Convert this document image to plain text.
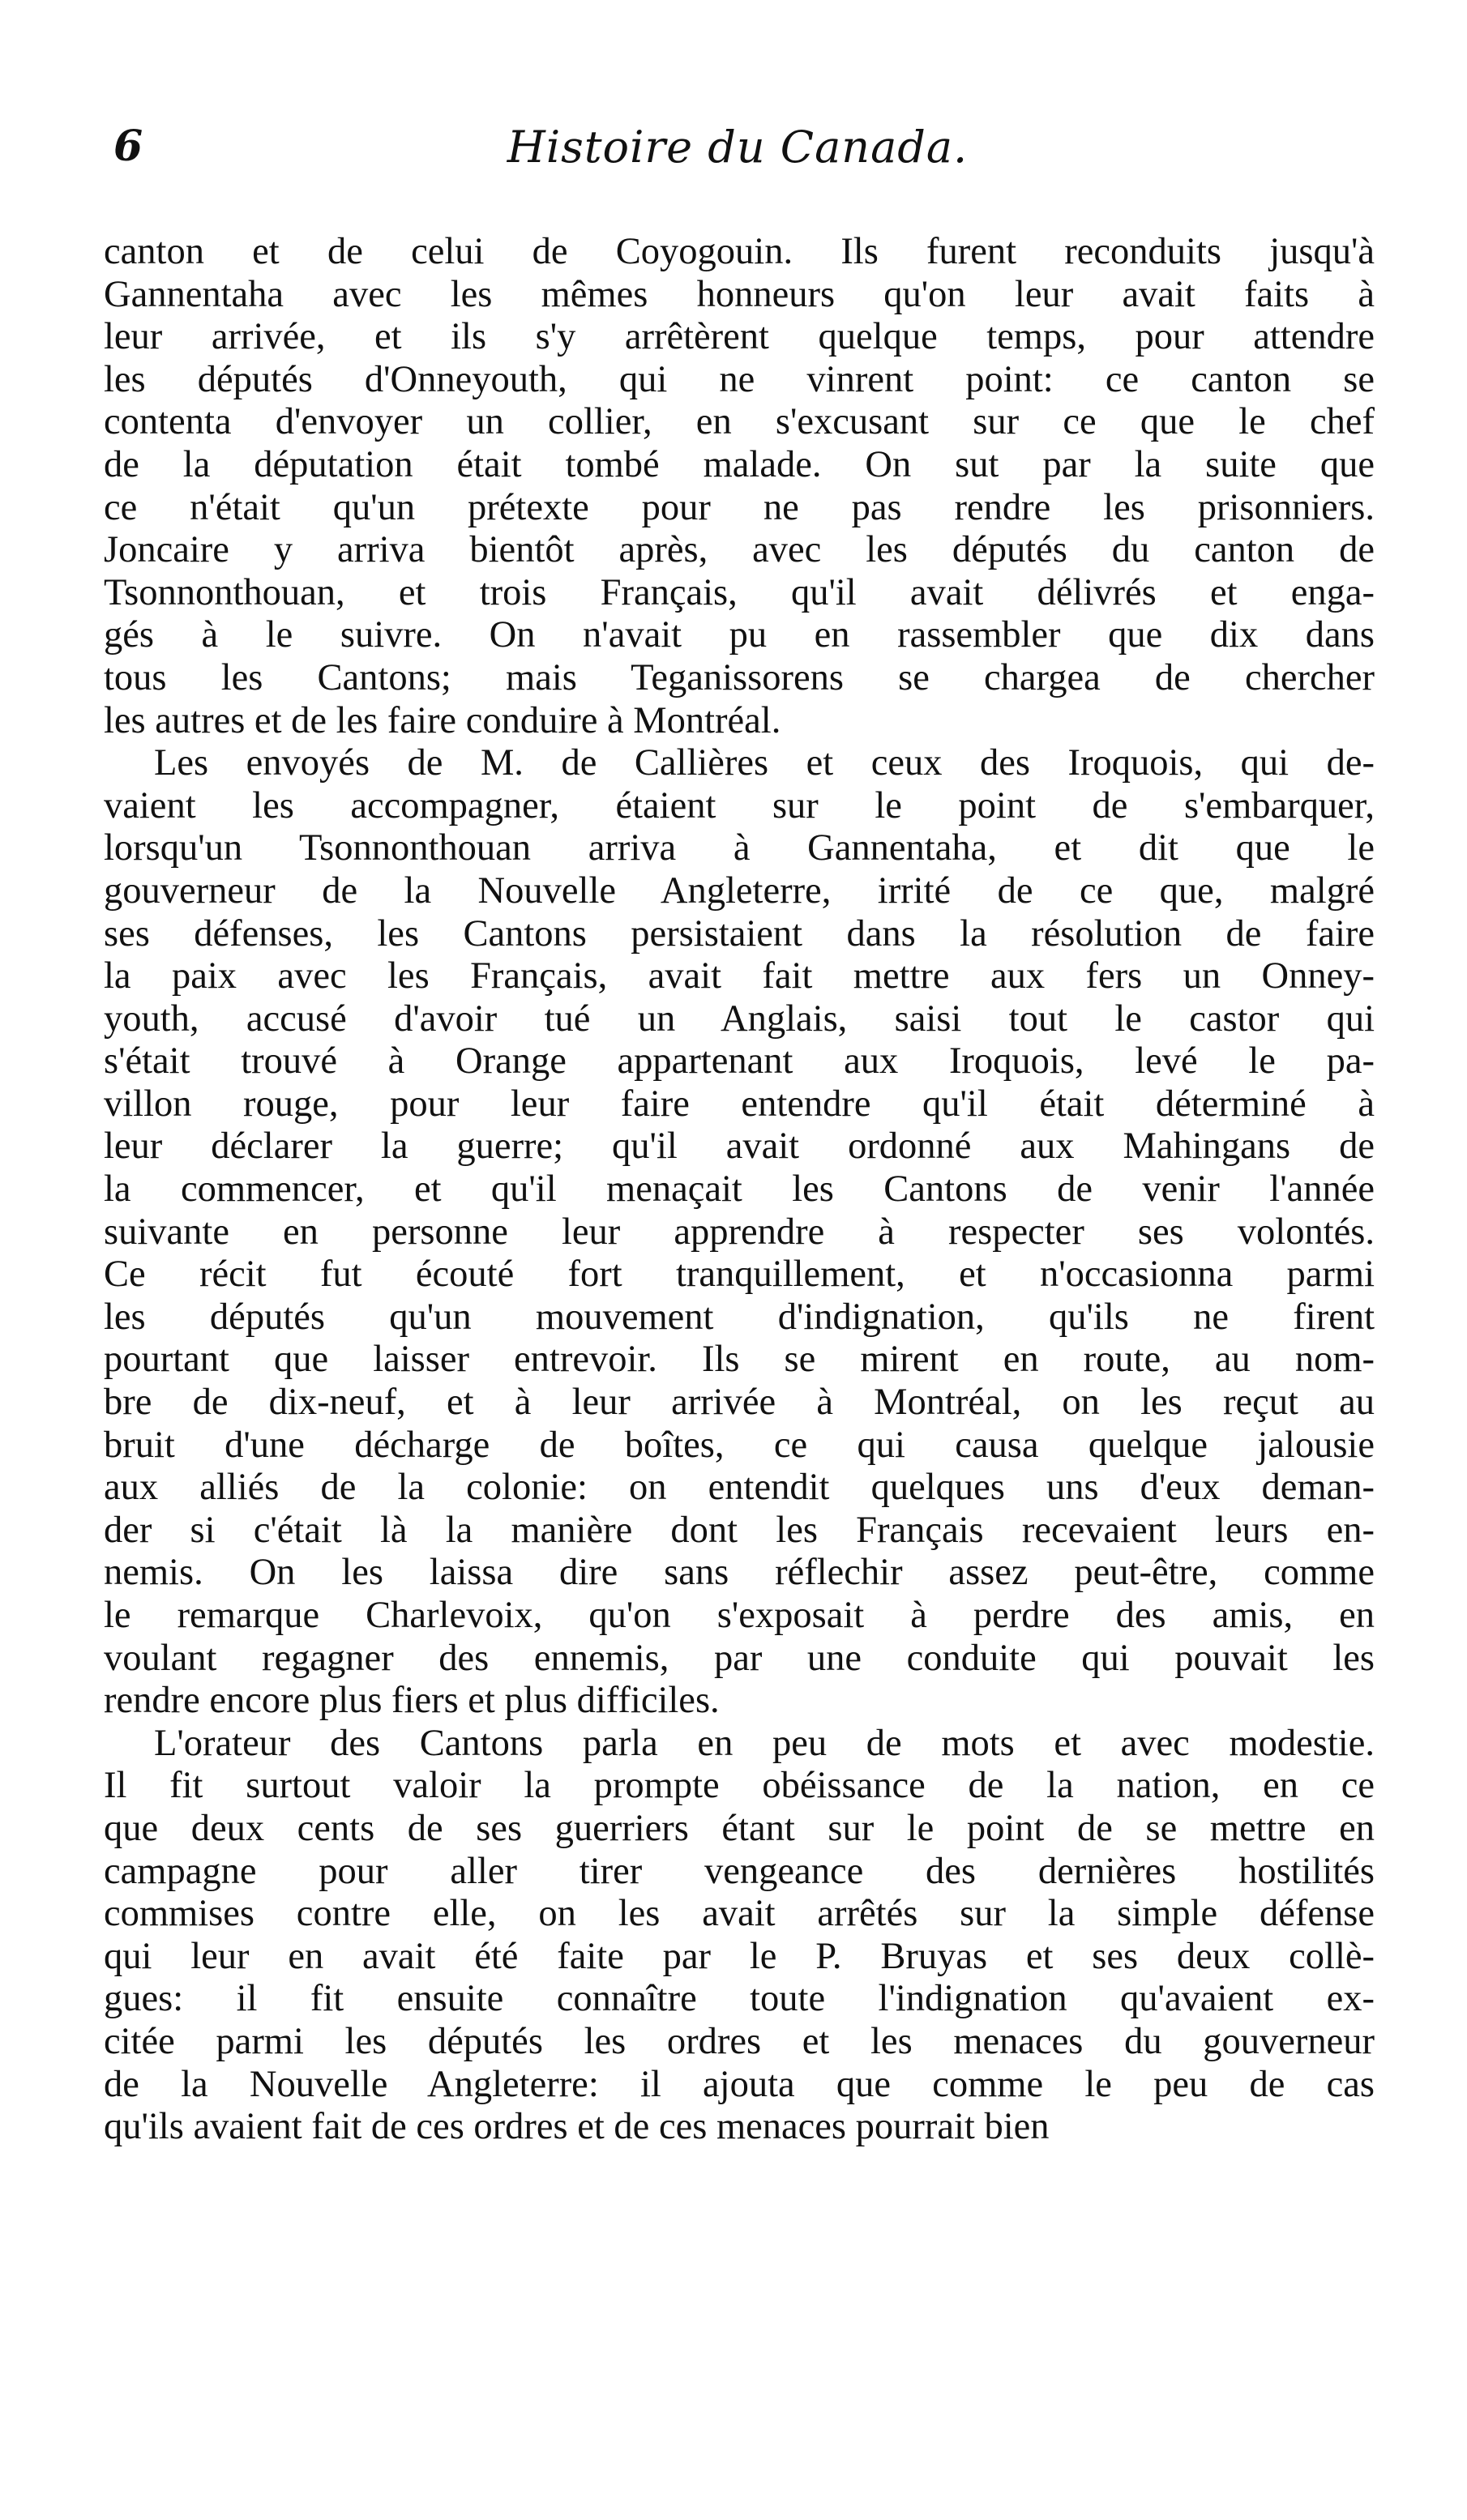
6	Histoire du Canada.
canton et de celui de Coyogouin. Ils furent reconduits jusqu'à
Gannentaha avec les mêmes honneurs qu'on leur avait faits à
leur arrivée, et ils s'y arrêtèrent quelque temps, pour attendre
les députés d'Onneyouth, qui ne vinrent point: ce canton se
contenta d'envoyer un collier, en s'excusant sur ce que le chef
de la députation était tombé malade. On sut par la suite que
ce n'était qu'un prétexte pour ne pas rendre les prisonniers.
Joncaire y arriva bientôt après, avec les députés du canton de
Tsonnonthouan, et trois Français, qu'il avait délivrés et enga-
gés à le suivre. On n'avait pu en rassembler que dix dans
tous les Cantons; mais Teganissorens se chargea de chercher
les autres et de les faire conduire à Montréal.
Les envoyés de M. de Callières et ceux des Iroquois, qui de-
vaient les accompagner, étaient sur le point de s'embarquer,
lorsqu'un Tsonnonthouan arriva à Gannentaha, et dit que le
gouverneur de la Nouvelle Angleterre, irrité de ce que, malgré
ses défenses, les Cantons persistaient dans la résolution de faire
la paix avec les Français, avait fait mettre aux fers un Onney-
youth, accusé d'avoir tué un Anglais, saisi tout le castor qui
s'était trouvé à Orange appartenant aux Iroquois, levé le pa-
villon rouge, pour leur faire entendre qu'il était déterminé à
leur déclarer la guerre; qu'il avait ordonné aux Mahingans de
la commencer, et qu'il menaçait les Cantons de venir l'année
suivante en personne leur apprendre à respecter ses volontés.
Ce récit fut écouté fort tranquillement, et n'occasionna parmi
les députés qu'un mouvement d'indignation, qu'ils ne firent
pourtant que laisser entrevoir. Ils se mirent en route, au nom-
bre de dix-neuf, et à leur arrivée à Montréal, on les reçut au
bruit d'une décharge de boîtes, ce qui causa quelque jalousie
aux alliés de la colonie: on entendit quelques uns d'eux deman-
der si c'était là la manière dont les Français recevaient leurs en-
nemis. On les laissa dire sans réflechir assez peut-être, comme
le remarque Charlevoix, qu'on s'exposait à perdre des amis, en
voulant regagner des ennemis, par une conduite qui pouvait les
rendre encore plus fiers et plus difficiles.
L'orateur des Cantons parla en peu de mots et avec modestie.
Il fit surtout valoir la prompte obéissance de la nation, en ce
que deux cents de ses guerriers étant sur le point de se mettre en
campagne pour aller tirer vengeance des dernières hostilités
commises contre elle, on les avait arrêtés sur la simple défense
qui leur en avait été faite par le P. Bruyas et ses deux collè-
gues: il fit ensuite connaître toute l'indignation qu'avaient ex-
citée parmi les députés les ordres et les menaces du gouverneur
de la Nouvelle Angleterre: il ajouta que comme le peu de cas
qu'ils avaient fait de ces ordres et de ces menaces pourrait bien
